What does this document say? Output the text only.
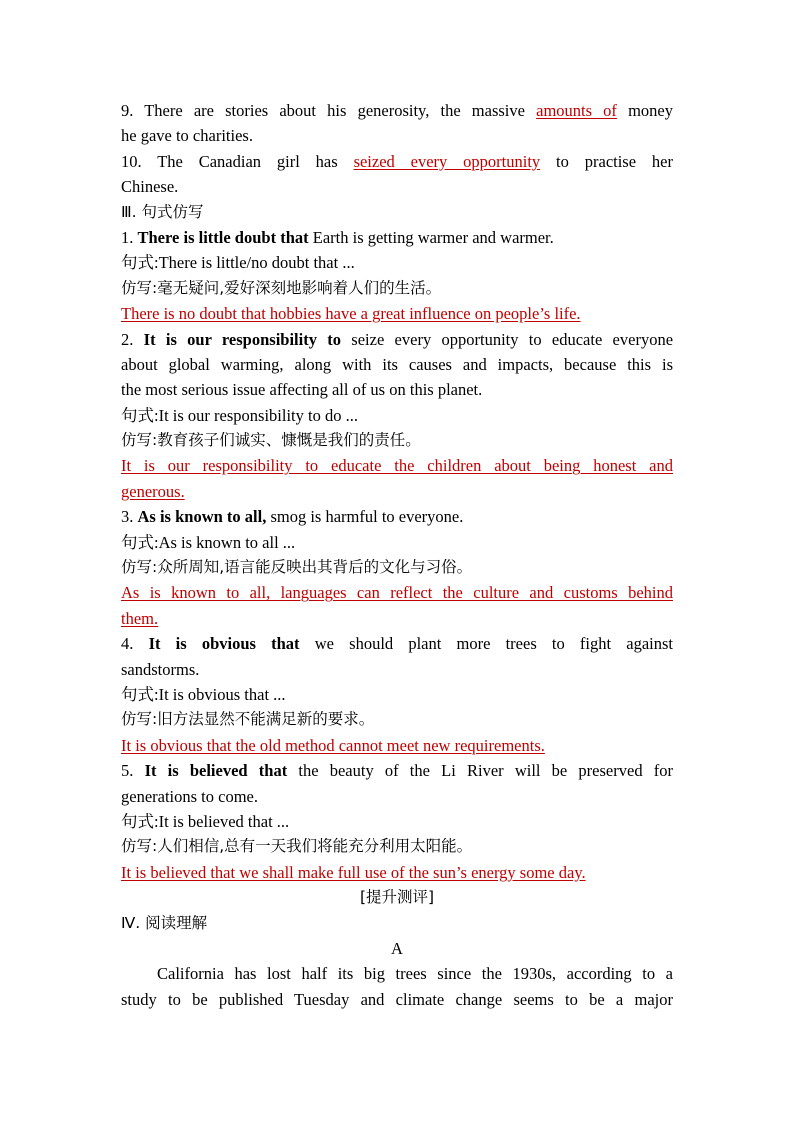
9. There are stories about his generosity, the massive amounts of money
he gave to charities.
10. The Canadian girl has seized every opportunity to practise her
Chinese.
Ⅲ. 句式仿写
1. There is little doubt that Earth is getting warmer and warmer.
句式:There is little/no doubt that ...
仿写:毫无疑问,爱好深刻地影响着人们的生活。
There is no doubt that hobbies have a great influence on people’s life.
2. It is our responsibility to seize every opportunity to educate everyone
about global warming, along with its causes and impacts, because this is
the most serious issue affecting all of us on this planet.
句式:It is our responsibility to do ...
仿写:教育孩子们诚实、慷慨是我们的责任。
It is our responsibility to educate the children about being honest and
generous.
3. As is known to all, smog is harmful to everyone.
句式:As is known to all ...
仿写:众所周知,语言能反映出其背后的文化与习俗。
As is known to all, languages can reflect the culture and customs behind
them.
4. It is obvious that we should plant more trees to fight against
sandstorms.
句式:It is obvious that ...
仿写:旧方法显然不能满足新的要求。
It is obvious that the old method cannot meet new requirements.
5. It is believed that the beauty of the Li River will be preserved for
generations to come.
句式:It is believed that ...
仿写:人们相信,总有一天我们将能充分利用太阳能。
It is believed that we shall make full use of the sun’s energy some day.
[提升测评]
Ⅳ. 阅读理解
A
California has lost half its big trees since the 1930s, according to a
study to be published Tuesday and climate change seems to be a major
